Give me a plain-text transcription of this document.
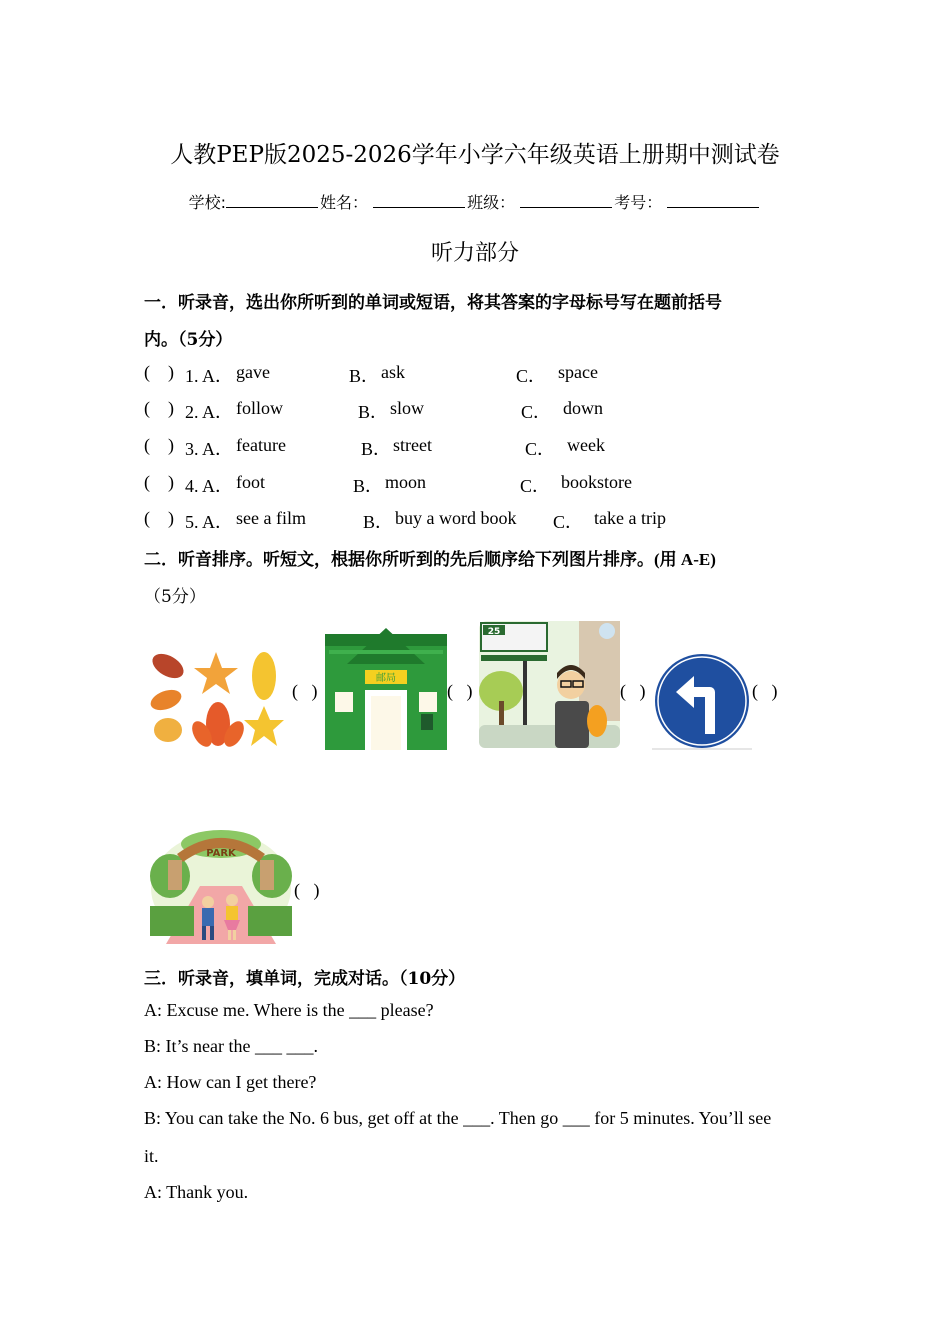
人教PEP版2025-2026学年小学六年级英语上册期中测试卷
学校:	姓名：	班级：	考号：
听力部分
一．听录音，选出你所听到的单词或短语，将其答案的字母标号写在题前括号
内。（5分）
(    ) 1. A． gave	B． ask	C． space
(    ) 2. A． follow	B． slow	C． down
(    ) 3. A． feature	B． street	C． week
(    ) 4. A． foot	B． moon	C． bookstore
(    ) 5. A． see a film	B． buy a word book C． take a trip
二．听音排序。听短文，根据你所听到的先后顺序给下列图片排序。(用 A-E)
（5分）
(   )
邮局
(   )
25
(   )	(   )
PARK
(   )
三．听录音，填单词，完成对话。（10分）
A: Excuse me. Where is the ___ please?
B: It’s near the ___ ___.
A: How can I get there?
B: You can take the No. 6 bus, get off at the ___. Then go ___ for 5 minutes. You’ll see
it.
A: Thank you.
